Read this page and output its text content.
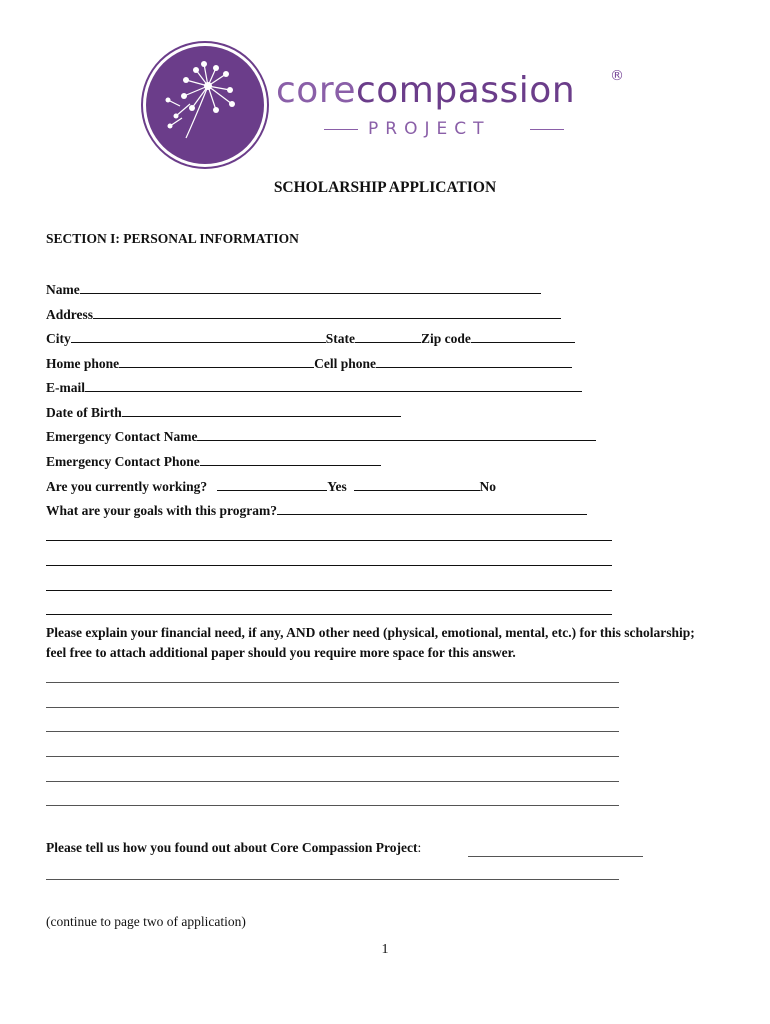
corecompassion ®
PROJECT
SCHOLARSHIP APPLICATION
SECTION I: PERSONAL INFORMATION
Name
Address
City	State	Zip code
Home phone	Cell phone
E-mail
Date of Birth
Emergency Contact Name
Emergency Contact Phone
Are you currently working?	Yes	No
What are your goals with this program?
Please explain your financial need, if any, AND other need (physical, emotional, mental, etc.) for this scholarship; feel free to attach additional paper should you require more space for this answer.
Please tell us how you found out about Core Compassion Project:
(continue to page two of application)
1
